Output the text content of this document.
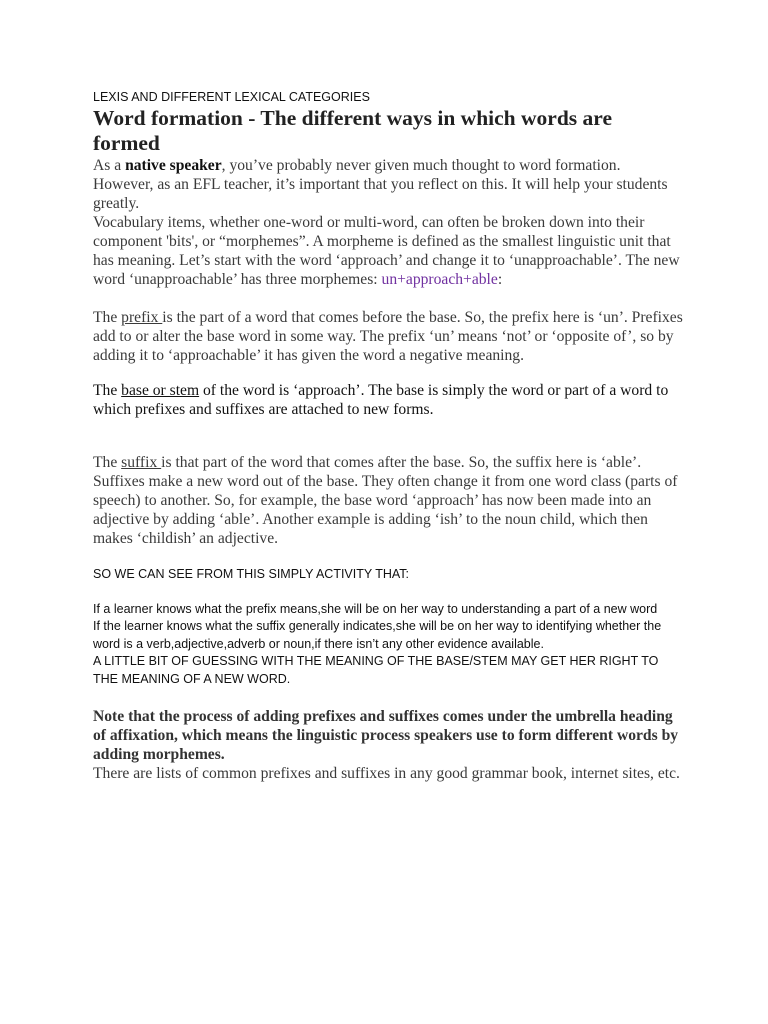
LEXIS AND DIFFERENT LEXICAL CATEGORIES

Word formation - The different ways in which words are formed

As a native speaker, you’ve probably never given much thought to word formation. However, as an EFL teacher, it’s important that you reflect on this. It will help your students greatly.

Vocabulary items, whether one-word or multi-word, can often be broken down into their component 'bits', or “morphemes”. A morpheme is defined as the smallest linguistic unit that has meaning. Let’s start with the word ‘approach’ and change it to ‘unapproachable’. The new word ‘unapproachable’ has three morphemes: un+approach+able:

The prefix is the part of a word that comes before the base. So, the prefix here is ‘un’. Prefixes add to or alter the base word in some way. The prefix ‘un’ means ‘not’ or ‘opposite of’, so by adding it to ‘approachable’ it has given the word a negative meaning.

The base or stem of the word is ‘approach’. The base is simply the word or part of a word to which prefixes and suffixes are attached to new forms.

The suffix is that part of the word that comes after the base. So, the suffix here is ‘able’. Suffixes make a new word out of the base. They often change it from one word class (parts of speech) to another. So, for example, the base word ‘approach’ has now been made into an adjective by adding ‘able’. Another example is adding ‘ish’ to the noun child, which then makes ‘childish’ an adjective.

SO WE CAN SEE FROM THIS SIMPLY ACTIVITY THAT:

If a learner knows what the prefix means,she will be on her way to understanding a part of a new word

If the learner knows what the suffix generally indicates,she will be on her way to identifying whether the word is a verb,adjective,adverb or noun,if there isn’t any other evidence available.

A LITTLE BIT OF GUESSING WITH THE MEANING OF THE BASE/STEM MAY GET HER RIGHT TO THE MEANING OF A NEW WORD.

Note that the process of adding prefixes and suffixes comes under the umbrella heading of affixation, which means the linguistic process speakers use to form different words by adding morphemes.

There are lists of common prefixes and suffixes in any good grammar book, internet sites, etc.
